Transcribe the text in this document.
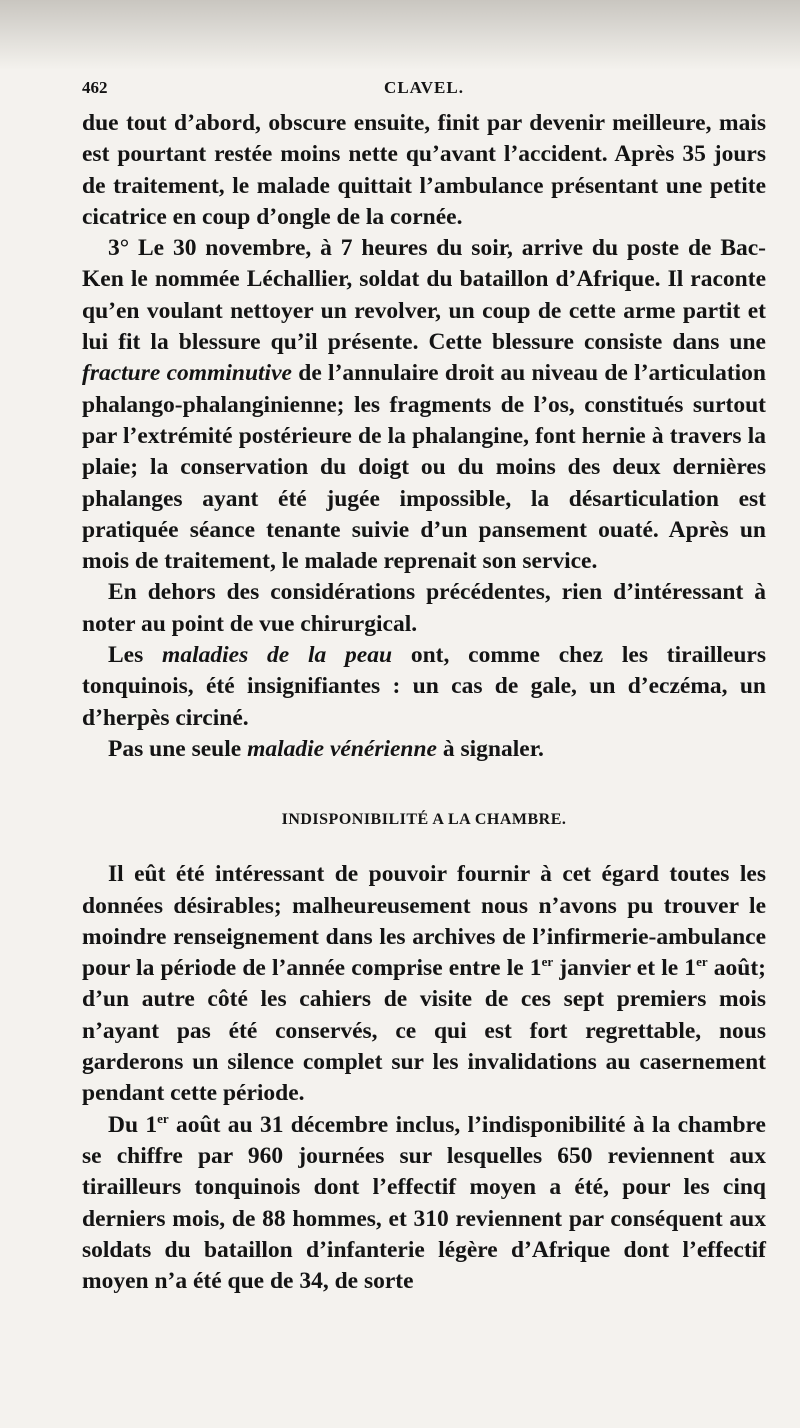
462	CLAVEL.

due tout d’abord, obscure ensuite, finit par devenir meilleure, mais est pourtant restée moins nette qu’avant l’accident. Après 35 jours de traitement, le malade quittait l’ambulance présentant une petite cicatrice en coup d’ongle de la cornée.

3° Le 30 novembre, à 7 heures du soir, arrive du poste de Bac-Ken le nommée Léchallier, soldat du bataillon d’Afrique. Il raconte qu’en voulant nettoyer un revolver, un coup de cette arme partit et lui fit la blessure qu’il présente. Cette blessure consiste dans une fracture comminutive de l’annulaire droit au niveau de l’articulation phalango-phalanginienne; les fragments de l’os, constitués surtout par l’extrémité postérieure de la phalangine, font hernie à travers la plaie; la conservation du doigt ou du moins des deux dernières phalanges ayant été jugée impossible, la désarticulation est pratiquée séance tenante suivie d’un pansement ouaté. Après un mois de traitement, le malade reprenait son service.

En dehors des considérations précédentes, rien d’intéressant à noter au point de vue chirurgical.

Les maladies de la peau ont, comme chez les tirailleurs tonquinois, été insignifiantes : un cas de gale, un d’eczéma, un d’herpès circiné.

Pas une seule maladie vénérienne à signaler.

INDISPONIBILITÉ A LA CHAMBRE.

Il eût été intéressant de pouvoir fournir à cet égard toutes les données désirables; malheureusement nous n’avons pu trouver le moindre renseignement dans les archives de l’infirmerie-ambulance pour la période de l’année comprise entre le 1er janvier et le 1er août; d’un autre côté les cahiers de visite de ces sept premiers mois n’ayant pas été conservés, ce qui est fort regrettable, nous garderons un silence complet sur les invalidations au casernement pendant cette période.

Du 1er août au 31 décembre inclus, l’indisponibilité à la chambre se chiffre par 960 journées sur lesquelles 650 reviennent aux tirailleurs tonquinois dont l’effectif moyen a été, pour les cinq derniers mois, de 88 hommes, et 310 reviennent par conséquent aux soldats du bataillon d’infanterie légère d’Afrique dont l’effectif moyen n’a été que de 34, de sorte
